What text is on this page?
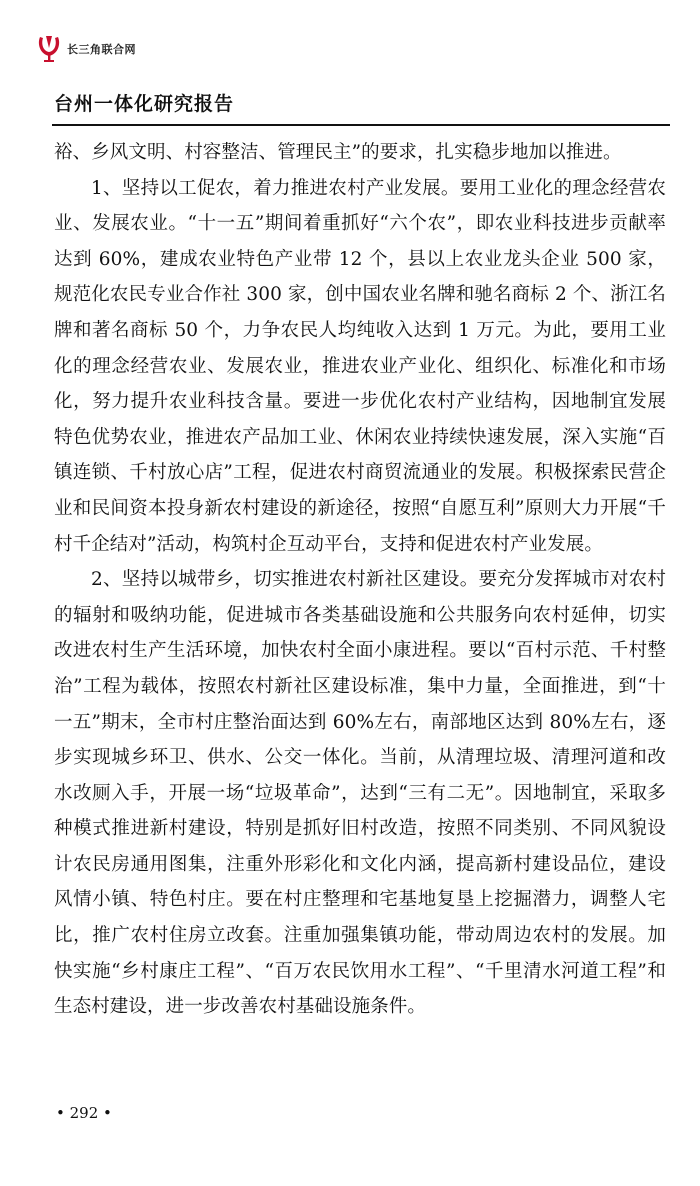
长三角联合网
台州一体化研究报告

裕、乡风文明、村容整洁、管理民主”的要求，扎实稳步地加以推进。

1、坚持以工促农，着力推进农村产业发展。要用工业化的理念经营农业、发展农业。“十一五”期间着重抓好“六个农”，即农业科技进步贡献率达到 60%，建成农业特色产业带 12 个，县以上农业龙头企业 500 家，规范化农民专业合作社 300 家，创中国农业名牌和驰名商标 2 个、浙江名牌和著名商标 50 个，力争农民人均纯收入达到 1 万元。为此，要用工业化的理念经营农业、发展农业，推进农业产业化、组织化、标准化和市场化，努力提升农业科技含量。要进一步优化农村产业结构，因地制宜发展特色优势农业，推进农产品加工业、休闲农业持续快速发展，深入实施“百镇连锁、千村放心店”工程，促进农村商贸流通业的发展。积极探索民营企业和民间资本投身新农村建设的新途径，按照“自愿互利”原则大力开展“千村千企结对”活动，构筑村企互动平台，支持和促进农村产业发展。

2、坚持以城带乡，切实推进农村新社区建设。要充分发挥城市对农村的辐射和吸纳功能，促进城市各类基础设施和公共服务向农村延伸，切实改进农村生产生活环境，加快农村全面小康进程。要以“百村示范、千村整治”工程为载体，按照农村新社区建设标准，集中力量，全面推进，到“十一五”期末，全市村庄整治面达到 60%左右，南部地区达到 80%左右，逐步实现城乡环卫、供水、公交一体化。当前，从清理垃圾、清理河道和改水改厕入手，开展一场“垃圾革命”，达到“三有二无”。因地制宜，采取多种模式推进新村建设，特别是抓好旧村改造，按照不同类别、不同风貌设计农民房通用图集，注重外形彩化和文化内涵，提高新村建设品位，建设风情小镇、特色村庄。要在村庄整理和宅基地复垦上挖掘潜力，调整人宅比，推广农村住房立改套。注重加强集镇功能，带动周边农村的发展。加快实施“乡村康庄工程”、“百万农民饮用水工程”、“千里清水河道工程”和生态村建设，进一步改善农村基础设施条件。

• 292 •
